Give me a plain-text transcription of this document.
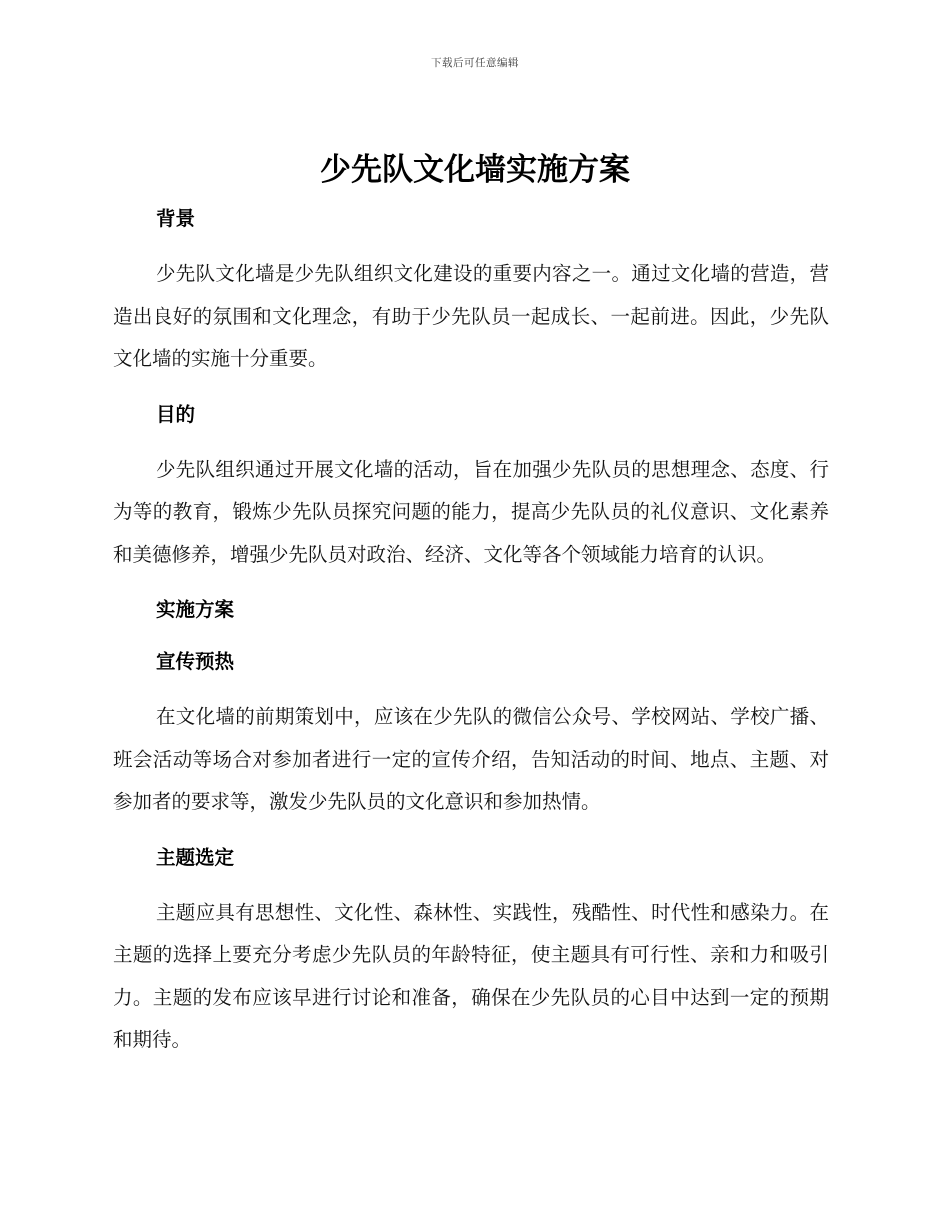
下载后可任意编辑
少先队文化墙实施方案
背景

少先队文化墙是少先队组织文化建设的重要内容之一。通过文化墙的营造，营造出良好的氛围和文化理念，有助于少先队员一起成长、一起前进。因此，少先队文化墙的实施十分重要。

目的

少先队组织通过开展文化墙的活动，旨在加强少先队员的思想理念、态度、行为等的教育，锻炼少先队员探究问题的能力，提高少先队员的礼仪意识、文化素养和美德修养，增强少先队员对政治、经济、文化等各个领域能力培育的认识。

实施方案
宣传预热

在文化墙的前期策划中，应该在少先队的微信公众号、学校网站、学校广播、班会活动等场合对参加者进行一定的宣传介绍，告知活动的时间、地点、主题、对参加者的要求等，激发少先队员的文化意识和参加热情。

主题选定

主题应具有思想性、文化性、森林性、实践性，残酷性、时代性和感染力。在主题的选择上要充分考虑少先队员的年龄特征，使主题具有可行性、亲和力和吸引力。主题的发布应该早进行讨论和准备，确保在少先队员的心目中达到一定的预期和期待。
